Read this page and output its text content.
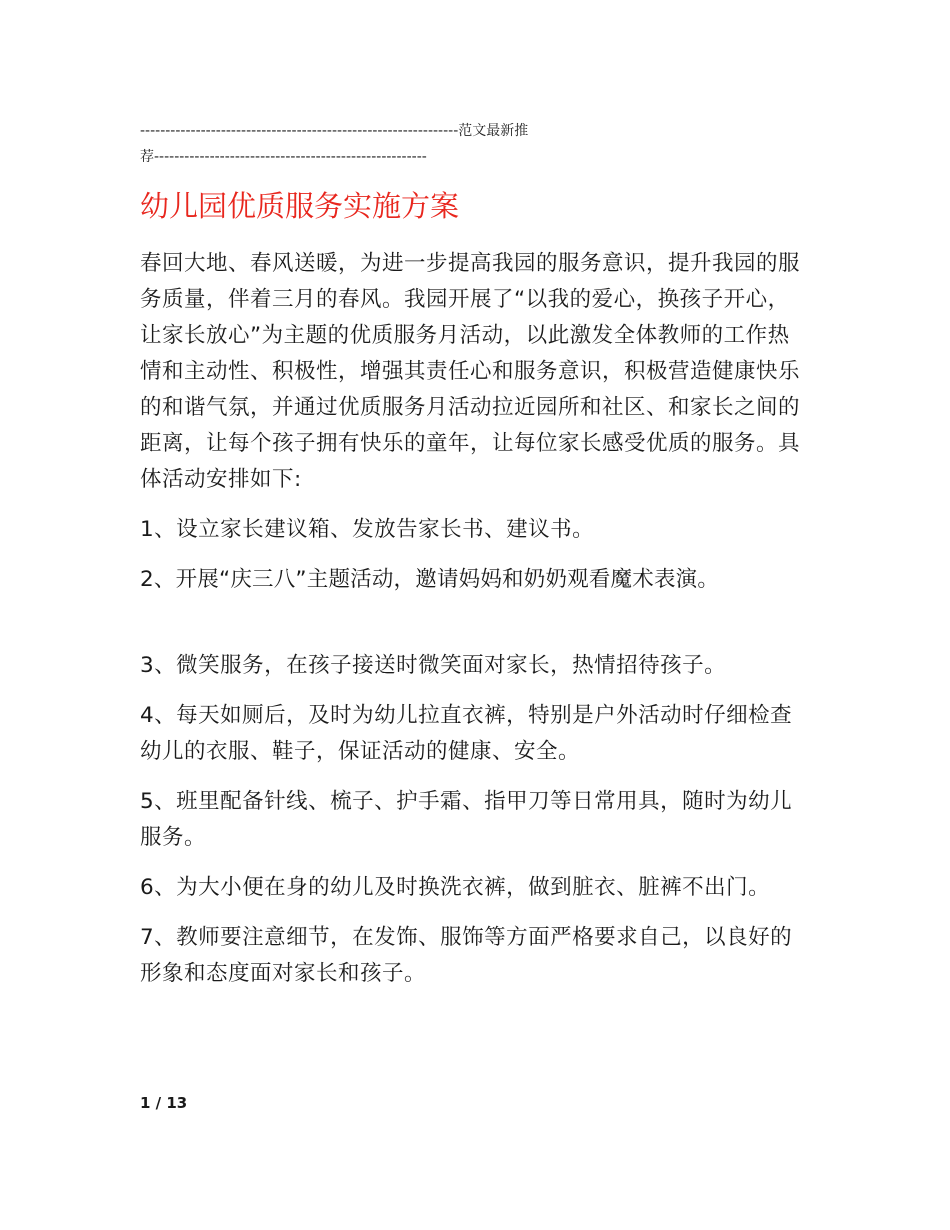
---------------------------------------------------------------范文最新推
荐------------------------------------------------------
幼儿园优质服务实施方案

春回大地、春风送暖，为进一步提高我园的服务意识，提升我园的服务质量，伴着三月的春风。我园开展了“以我的爱心，换孩子开心，让家长放心”为主题的优质服务月活动，以此激发全体教师的工作热情和主动性、积极性，增强其责任心和服务意识，积极营造健康快乐的和谐气氛，并通过优质服务月活动拉近园所和社区、和家长之间的距离，让每个孩子拥有快乐的童年，让每位家长感受优质的服务。具体活动安排如下:

1、设立家长建议箱、发放告家长书、建议书。

2、开展“庆三八”主题活动，邀请妈妈和奶奶观看魔术表演。

3、微笑服务，在孩子接送时微笑面对家长，热情招待孩子。

4、每天如厕后，及时为幼儿拉直衣裤，特别是户外活动时仔细检查幼儿的衣服、鞋子，保证活动的健康、安全。

5、班里配备针线、梳子、护手霜、指甲刀等日常用具，随时为幼儿服务。

6、为大小便在身的幼儿及时换洗衣裤，做到脏衣、脏裤不出门。

7、教师要注意细节，在发饰、服饰等方面严格要求自己，以良好的形象和态度面对家长和孩子。

1 / 13
